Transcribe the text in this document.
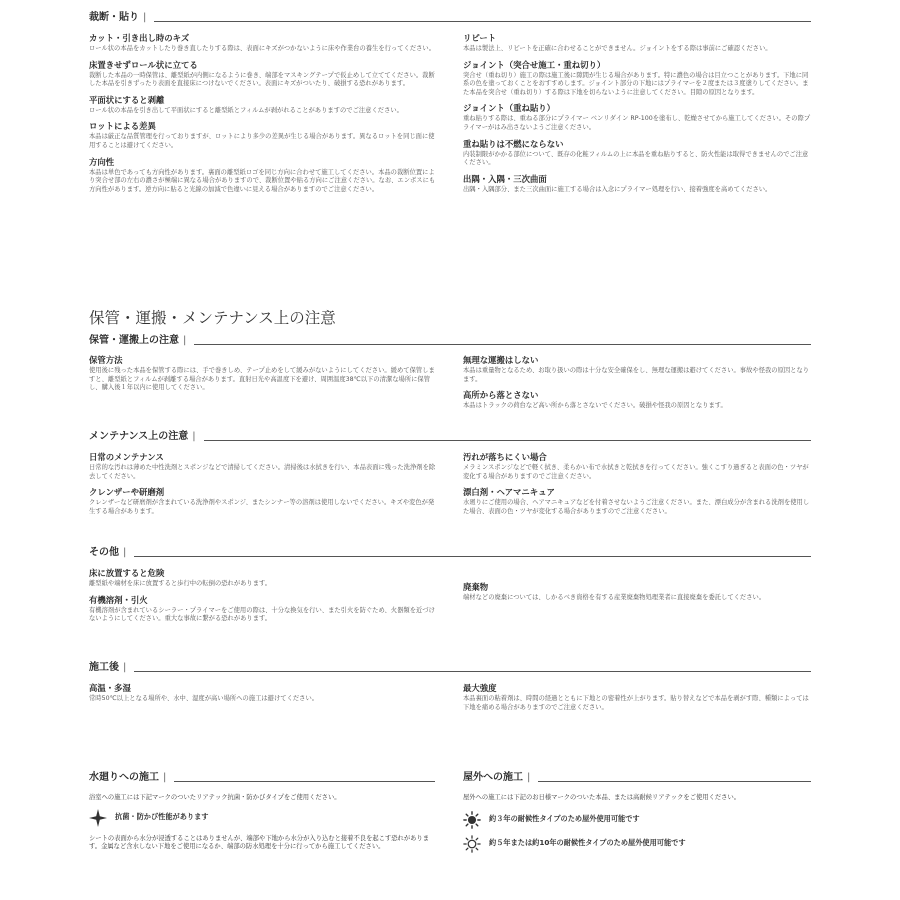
裁断・貼り |
カット・引き出し時のキズ
ロール状の本品をカットしたり巻き直したりする際は、表面にキズがつかないように床や作業台の養生を行ってください。
床置きせずロール状に立てる
裁断した本品の一時保管は、離型紙が内側になるように巻き、端部をマスキングテープで仮止めして立ててください。裁断した本品を引きずったり表面を直接床につけないでください。表面にキズがついたり、破損する恐れがあります。
平面状にすると剥離
ロール状の本品を引き出して平面状にすると離型紙とフィルムが剥がれることがありますのでご注意ください。
ロットによる差異
本品は厳正な品質管理を行っておりますが、ロットにより多少の差異が生じる場合があります。異なるロットを同じ面に使用することは避けてください。
方向性
本品は単色であっても方向性があります。裏面の離型紙ロゴを同じ方向に合わせて施工してください。本品の裁断位置により突合せ部の左右の濃さが極端に異なる場合がありますので、裁断位置や貼る方向にご注意ください。なお、エンボスにも方向性があります。逆方向に貼ると光線の加減で色違いに見える場合がありますのでご注意ください。
リピート
本品は製法上、リピートを正確に合わせることができません。ジョイントをする際は事前にご確認ください。
ジョイント（突合せ施工・重ね切り）
突合せ（重ね切り）施工の際は施工後に隙間が生じる場合があります。特に濃色の場合は目立つことがあります。下地に同系の色を塗っておくことをおすすめします。ジョイント部分の下地にはプライマーを２度または３度塗りしてください。また本品を突合せ（重ね切り）する際は下地を切らないように注意してください。目隙の原因となります。
ジョイント（重ね貼り）
重ね貼りする際は、重ねる部分にプライマー ベンリダイン RP-100を塗布し、乾燥させてから施工してください。その際プライマーがはみ出さないようご注意ください。
重ね貼りは不燃にならない
内装制限がかかる部位について、既存の化粧フィルムの上に本品を重ね貼りすると、防火性能は取得できませんのでご注意ください。
出隅・入隅・三次曲面
出隅・入隅部分、また三次曲面に施工する場合は入念にプライマー処理を行い、接着強度を高めてください。
保管・運搬・メンテナンス上の注意
保管・運搬上の注意 |
保管方法
使用後に残った本品を保管する際には、手で巻きしめ、テープ止めをして緩みがないようにしてください。緩めて保管しますと、離型紙とフィルムが剥離する場合があります。直射日光や高温度下を避け、周囲温度38℃以下の清潔な場所に保管し、購入後１年以内に使用してください。
無理な運搬はしない
本品は重量物となるため、お取り扱いの際は十分な安全確保をし、無理な運搬は避けてください。事故や怪我の原因となります。
高所から落とさない
本品はトラックの荷台など高い所から落とさないでください。破損や怪我の原因となります。
メンテナンス上の注意 |
日常のメンテナンス
日常的な汚れは薄めた中性洗剤とスポンジなどで清掃してください。清掃後は水拭きを行い、本品表面に残った洗浄剤を除去してください。
クレンザーや研磨剤
クレンザーなど研磨剤が含まれている洗浄剤やスポンジ、またシンナー等の溶剤は使用しないでください。キズや変色が発生する場合があります。
汚れが落ちにくい場合
メラミンスポンジなどで軽く拭き、柔らかい布で水拭きと乾拭きを行ってください。強くこすり過ぎると表面の色・ツヤが変化する場合がありますのでご注意ください。
漂白剤・ヘアマニキュア
水廻りにご使用の場合、ヘアマニキュアなどを付着させないようご注意ください。また、漂白成分が含まれる洗剤を使用した場合、表面の色・ツヤが変化する場合がありますのでご注意ください。
その他 |
床に放置すると危険
離型紙や端材を床に放置すると歩行中の転倒の恐れがあります。
有機溶剤・引火
有機溶剤が含まれているシーラー・プライマーをご使用の際は、十分な換気を行い、また引火を防ぐため、火器類を近づけないようにしてください。重大な事故に繋がる恐れがあります。
廃棄物
端材などの廃棄については、しかるべき資格を有する産業廃棄物処理業者に直接廃棄を委託してください。
施工後 |
高温・多湿
常時50℃以上となる場所や、水中、湿度が高い場所への施工は避けてください。
最大強度
本品裏面の粘着剤は、時間の経過とともに下地との密着性が上がります。貼り替えなどで本品を剥がす際、種類によっては下地を痛める場合がありますのでご注意ください。
水廻りへの施工 |
浴室への施工には下記マークのついたリアテック抗菌・防かびタイプをご使用ください。
抗菌・防かび性能があります
シートの表面から水分が浸透することはありませんが、端部や下地から水分が入り込むと接着不良を起こす恐れがあります。金属など含水しない下地をご使用になるか、端部の防水処理を十分に行ってから施工してください。
屋外への施工 |
屋外への施工には下記のお日様マークのついた本品、または高耐候リアテックをご使用ください。
約３年の耐候性タイプのため屋外使用可能です
約５年または約10年の耐候性タイプのため屋外使用可能です
